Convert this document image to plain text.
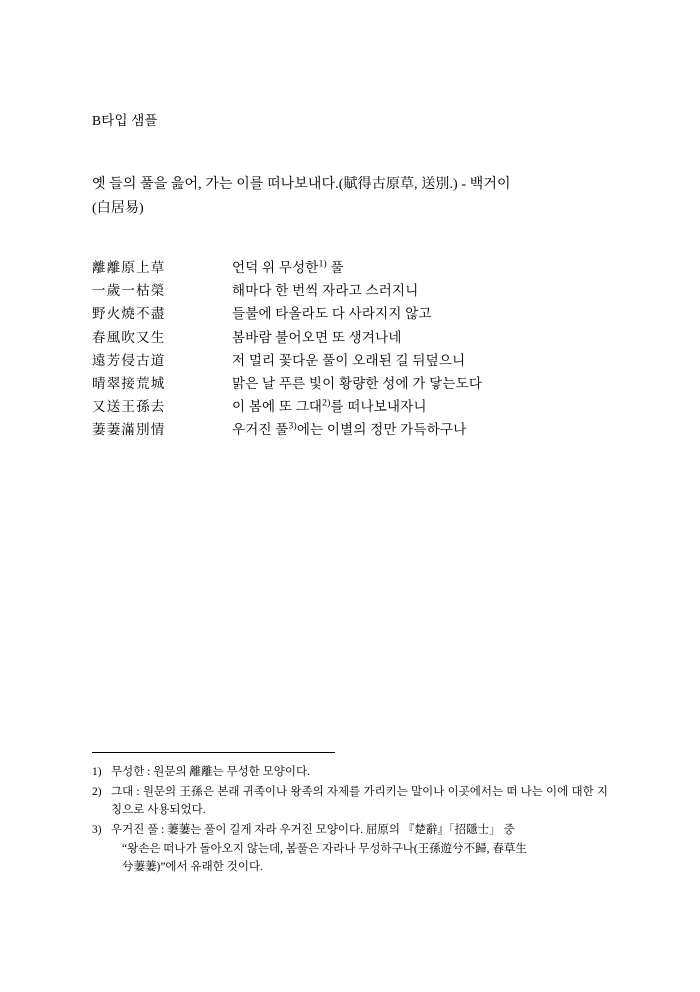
B타입 샘플
옛 들의 풀을 읊어, 가는 이를 떠나보내다.(賦得古原草, 送別.) - 백거이
(白居易)
離離原上草	언덕 위 무성한$^{1)}$ 풀
一歲一枯榮	해마다 한 번씩 자라고 스러지니
野火燒不盡	들불에 타올라도 다 사라지지 않고
春風吹又生	봄바람 불어오면 또 생겨나네
遠芳侵古道	저 멀리 꽃다운 풀이 오래된 길 뒤덮으니
晴翠接荒城	맑은 날 푸른 빛이 황량한 성에 가 닿는도다
又送王孫去	이 봄에 또 그대$^{2)}$를 떠나보내자니
萋萋滿別情	우거진 풀$^{3)}$에는 이별의 정만 가득하구나
1) 무성한 : 원문의 離離는 무성한 모양이다.
2) 그대 : 원문의 王孫은 본래 귀족이나 왕족의 자제를 가리키는 말이나 이곳에서는 떠 나는 이에 대한 지칭으로 사용되었다.
3) 우거진 풀 : 萋萋는 풀이 길게 자라 우거진 모양이다. 屈原의 『楚辭』「招隱士」 중
“왕손은 떠나가 돌아오지 않는데, 봄풀은 자라나 무성하구나(王孫遊兮不歸, 春草生
兮萋萋)”에서 유래한 것이다.
